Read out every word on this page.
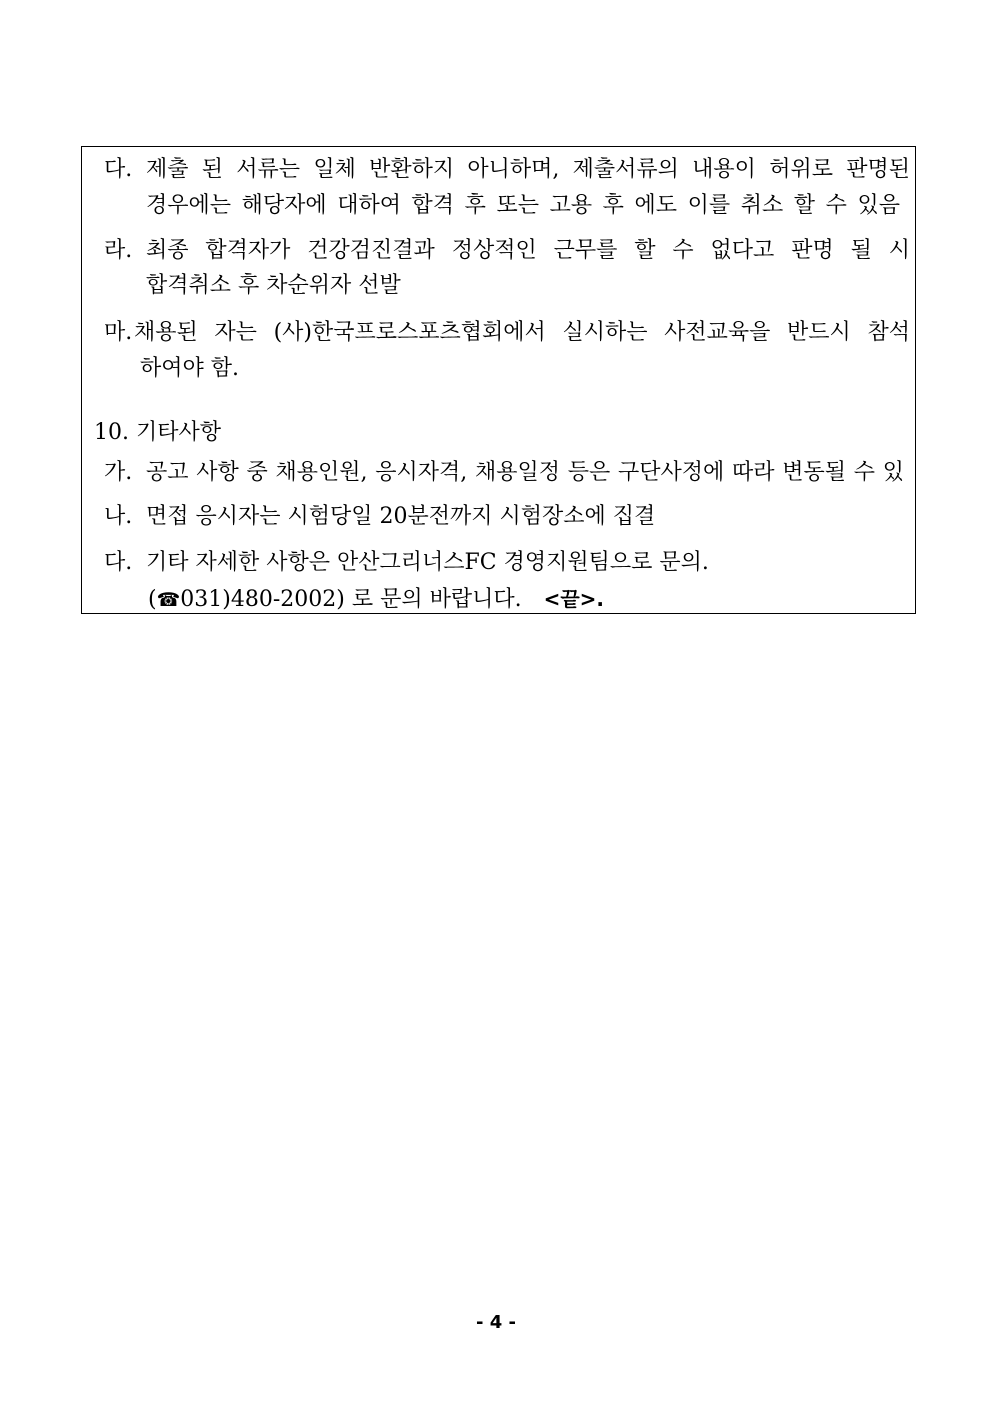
다. 제출 된 서류는 일체 반환하지 아니하며, 제출서류의 내용이 허위로 판명된
경우에는 해당자에 대하여 합격 후 또는 고용 후 에도 이를 취소 할 수 있음
라. 최종 합격자가 건강검진결과 정상적인 근무를 할 수 없다고 판명 될 시
합격취소 후 차순위자 선발
마. 채용된 자는 (사)한국프로스포츠협회에서 실시하는 사전교육을 반드시 참석
하여야 함.
10. 기타사항
가. 공고 사항 중 채용인원, 응시자격, 채용일정 등은 구단사정에 따라 변동될 수 있
나. 면접 응시자는 시험당일 20분전까지 시험장소에 집결
다. 기타 자세한 사항은 안산그리너스FC 경영지원팀으로 문의.
(☎031)480-2002) 로 문의 바랍니다. <끝>.
- 4 -
